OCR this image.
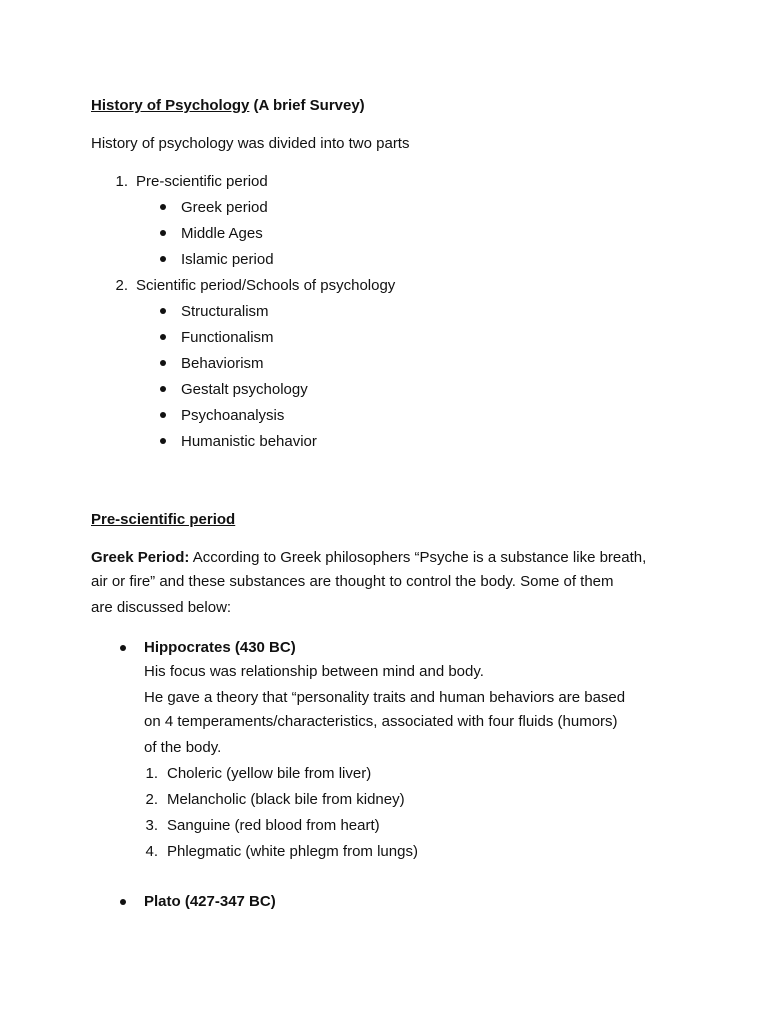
History of Psychology (A brief Survey)
History of psychology was divided into two parts
1. Pre-scientific period
Greek period
Middle Ages
Islamic period
2. Scientific period/Schools of psychology
Structuralism
Functionalism
Behaviorism
Gestalt psychology
Psychoanalysis
Humanistic behavior
Pre-scientific period
Greek Period: According to Greek philosophers “Psyche is a substance like breath,
air or fire” and these substances are thought to control the body. Some of them
are discussed below:
Hippocrates (430 BC)
His focus was relationship between mind and body.
He gave a theory that “personality traits and human behaviors are based
on 4 temperaments/characteristics, associated with four fluids (humors)
of the body.
1. Choleric (yellow bile from liver)
2. Melancholic (black bile from kidney)
3. Sanguine (red blood from heart)
4. Phlegmatic (white phlegm from lungs)
Plato (427-347 BC)
